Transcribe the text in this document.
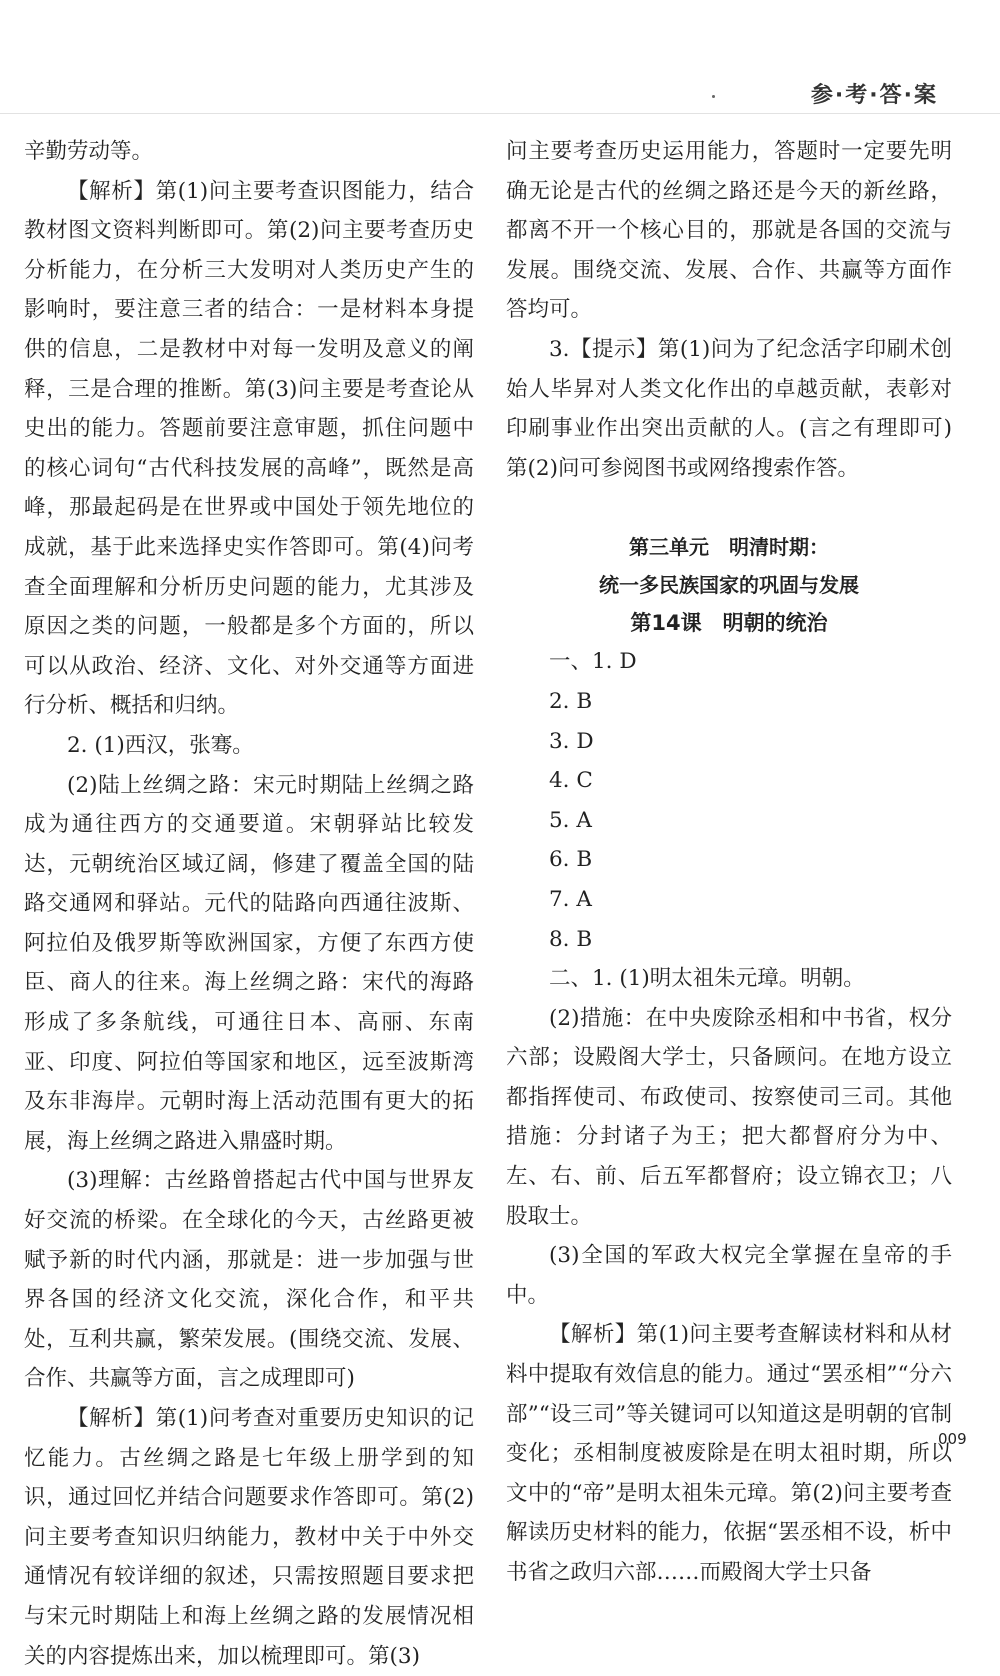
参·考·答·案

辛勤劳动等。

【解析】第(1)问主要考查识图能力，结合教材图文资料判断即可。第(2)问主要考查历史分析能力，在分析三大发明对人类历史产生的影响时，要注意三者的结合：一是材料本身提供的信息，二是教材中对每一发明及意义的阐释，三是合理的推断。第(3)问主要是考查论从史出的能力。答题前要注意审题，抓住问题中的核心词句“古代科技发展的高峰”，既然是高峰，那最起码是在世界或中国处于领先地位的成就，基于此来选择史实作答即可。第(4)问考查全面理解和分析历史问题的能力，尤其涉及原因之类的问题，一般都是多个方面的，所以可以从政治、经济、文化、对外交通等方面进行分析、概括和归纳。

2. (1)西汉，张骞。

(2)陆上丝绸之路：宋元时期陆上丝绸之路成为通往西方的交通要道。宋朝驿站比较发达，元朝统治区域辽阔，修建了覆盖全国的陆路交通网和驿站。元代的陆路向西通往波斯、阿拉伯及俄罗斯等欧洲国家，方便了东西方使臣、商人的往来。海上丝绸之路：宋代的海路形成了多条航线，可通往日本、高丽、东南亚、印度、阿拉伯等国家和地区，远至波斯湾及东非海岸。元朝时海上活动范围有更大的拓展，海上丝绸之路进入鼎盛时期。

(3)理解：古丝路曾搭起古代中国与世界友好交流的桥梁。在全球化的今天，古丝路更被赋予新的时代内涵，那就是：进一步加强与世界各国的经济文化交流，深化合作，和平共处，互利共赢，繁荣发展。(围绕交流、发展、合作、共赢等方面，言之成理即可)

【解析】第(1)问考查对重要历史知识的记忆能力。古丝绸之路是七年级上册学到的知识，通过回忆并结合问题要求作答即可。第(2)问主要考查知识归纳能力，教材中关于中外交通情况有较详细的叙述，只需按照题目要求把与宋元时期陆上和海上丝绸之路的发展情况相关的内容提炼出来，加以梳理即可。第(3)

问主要考查历史运用能力，答题时一定要先明确无论是古代的丝绸之路还是今天的新丝路，都离不开一个核心目的，那就是各国的交流与发展。围绕交流、发展、合作、共赢等方面作答均可。

3.【提示】第(1)问为了纪念活字印刷术创始人毕昇对人类文化作出的卓越贡献，表彰对印刷事业作出突出贡献的人。(言之有理即可)第(2)问可参阅图书或网络搜索作答。

第三单元　明清时期：

统一多民族国家的巩固与发展

第14课　明朝的统治

一、1. D

2. B

3. D

4. C

5. A

6. B

7. A

8. B

二、1. (1)明太祖朱元璋。明朝。

(2)措施：在中央废除丞相和中书省，权分六部；设殿阁大学士，只备顾问。在地方设立都指挥使司、布政使司、按察使司三司。其他措施：分封诸子为王；把大都督府分为中、左、右、前、后五军都督府；设立锦衣卫；八股取士。

(3)全国的军政大权完全掌握在皇帝的手中。

【解析】第(1)问主要考查解读材料和从材料中提取有效信息的能力。通过“罢丞相”“分六部”“设三司”等关键词可以知道这是明朝的官制变化；丞相制度被废除是在明太祖时期，所以文中的“帝”是明太祖朱元璋。第(2)问主要考查解读历史材料的能力，依据“罢丞相不设，析中书省之政归六部……而殿阁大学士只备

009
